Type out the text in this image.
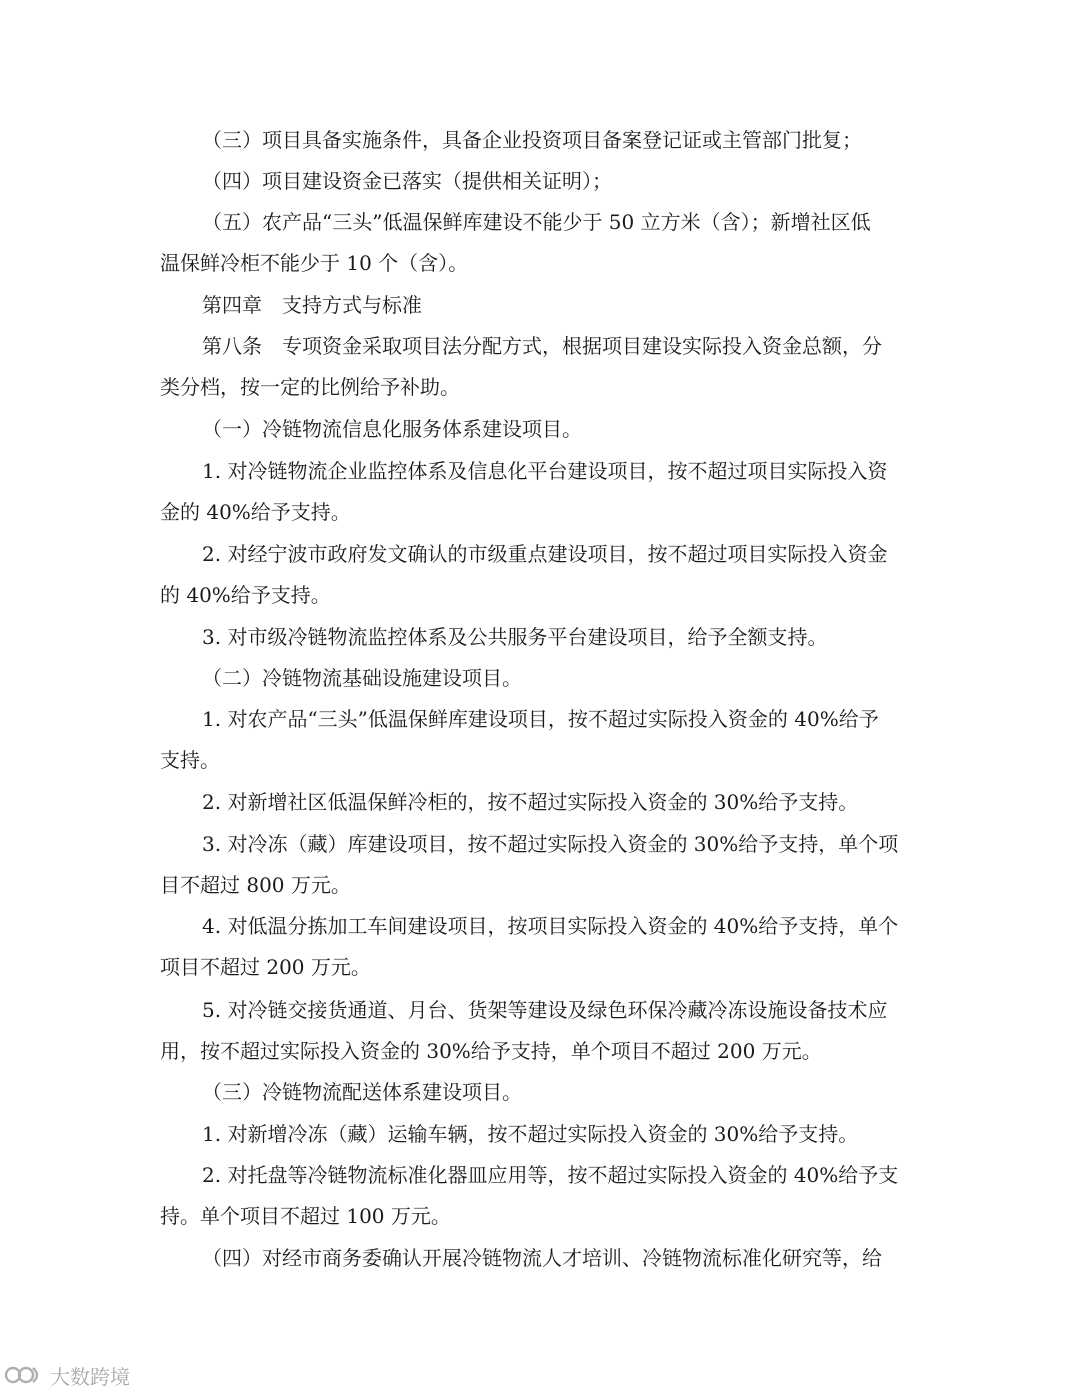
（三）项目具备实施条件，具备企业投资项目备案登记证或主管部门批复；

（四）项目建设资金已落实（提供相关证明）；

（五）农产品“三头”低温保鲜库建设不能少于 50 立方米（含）；新增社区低
温保鲜冷柜不能少于 10 个（含）。

第四章　支持方式与标准

第八条　专项资金采取项目法分配方式，根据项目建设实际投入资金总额，分
类分档，按一定的比例给予补助。

（一）冷链物流信息化服务体系建设项目。

1. 对冷链物流企业监控体系及信息化平台建设项目，按不超过项目实际投入资
金的 40%给予支持。

2. 对经宁波市政府发文确认的市级重点建设项目，按不超过项目实际投入资金
的 40%给予支持。

3. 对市级冷链物流监控体系及公共服务平台建设项目，给予全额支持。

（二）冷链物流基础设施建设项目。

1. 对农产品“三头”低温保鲜库建设项目，按不超过实际投入资金的 40%给予
支持。

2. 对新增社区低温保鲜冷柜的，按不超过实际投入资金的 30%给予支持。

3. 对冷冻（藏）库建设项目，按不超过实际投入资金的 30%给予支持，单个项
目不超过 800 万元。

4. 对低温分拣加工车间建设项目，按项目实际投入资金的 40%给予支持，单个
项目不超过 200 万元。

5. 对冷链交接货通道、月台、货架等建设及绿色环保冷藏冷冻设施设备技术应
用，按不超过实际投入资金的 30%给予支持，单个项目不超过 200 万元。

（三）冷链物流配送体系建设项目。

1. 对新增冷冻（藏）运输车辆，按不超过实际投入资金的 30%给予支持。

2. 对托盘等冷链物流标准化器皿应用等，按不超过实际投入资金的 40%给予支
持。单个项目不超过 100 万元。

（四）对经市商务委确认开展冷链物流人才培训、冷链物流标准化研究等，给

大数跨境
